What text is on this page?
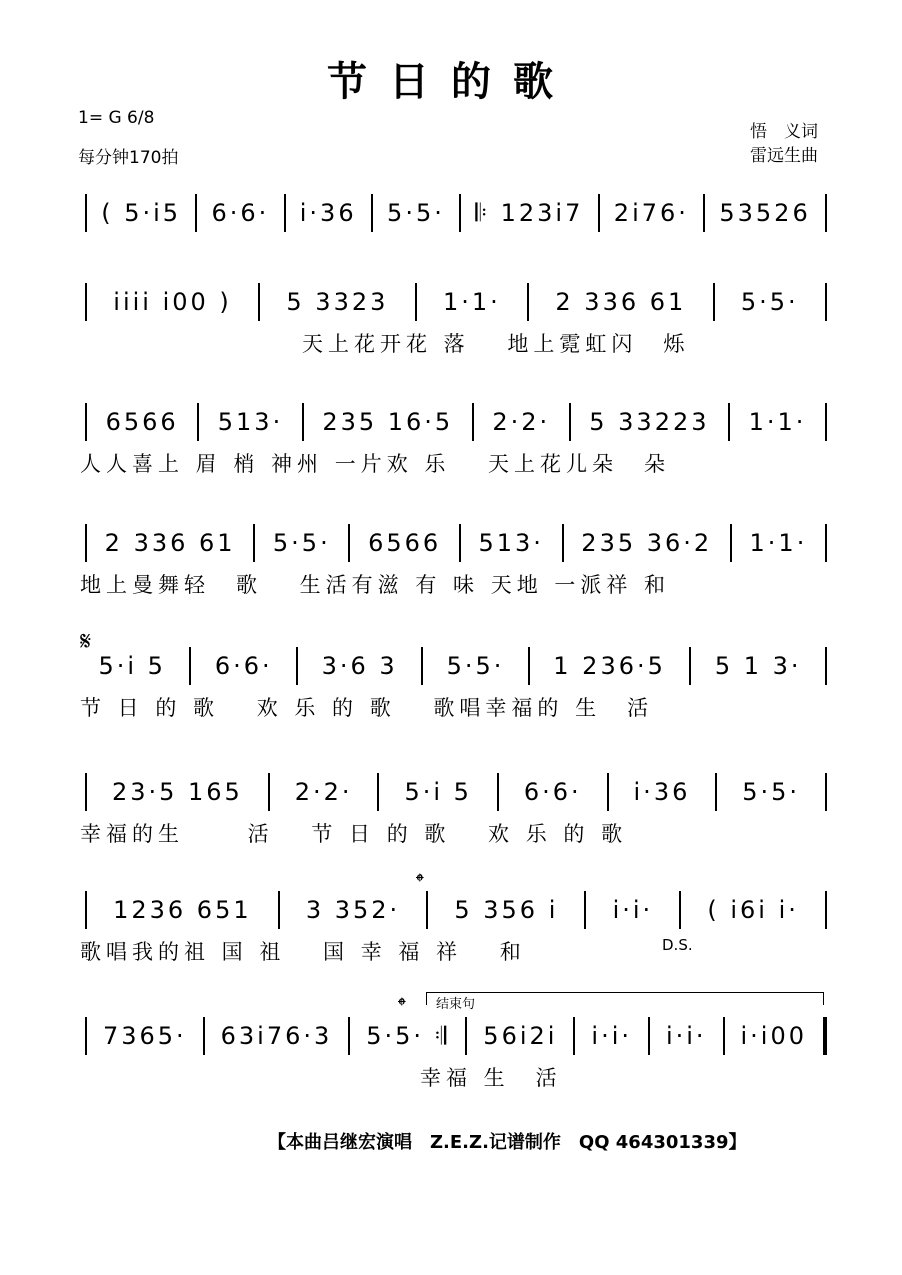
节日的歌
1= G 6/8
每分钟170拍
悟　义词
雷远生曲
𝄋
𝄌
𝄌 结束句
D.S.
( 5·i5	6·6·	i·36	5·5·	𝄆 123i7	2i76·	53526
iiii i00 )	5 3323	1·1·	2 336 61	5·5·
天上花开花 落　 地上霓虹闪　烁
6566	513·	235 16·5	2·2·	5 33223	1·1·
人人喜上 眉 梢 神州 一片欢 乐　 天上花儿朵　朵
2 336 61	5·5·	6566	513·	235 36·2	1·1·
地上曼舞轻　歌　 生活有滋 有 味 天地 一派祥 和
5·i 5	6·6·	3·6 3	5·5·	1 236·5	5 1 3·
节 日 的 歌　 欢 乐 的 歌　 歌唱幸福的 生　活
23·5 165	2·2·	5·i 5	6·6·	i·36	5·5·
幸福的生　　 活　 节 日 的 歌　 欢 乐 的 歌
1236 651	3 352·	5 356 i	i·i·	( i6i i·
歌唱我的祖 国 祖　 国 幸 福 祥　 和
7365·	63i76·3	5·5· 𝄇	56i2i	i·i·	i·i·	i·i00
幸福 生　活
【本曲吕继宏演唱　Z.E.Z.记谱制作　QQ 464301339】
